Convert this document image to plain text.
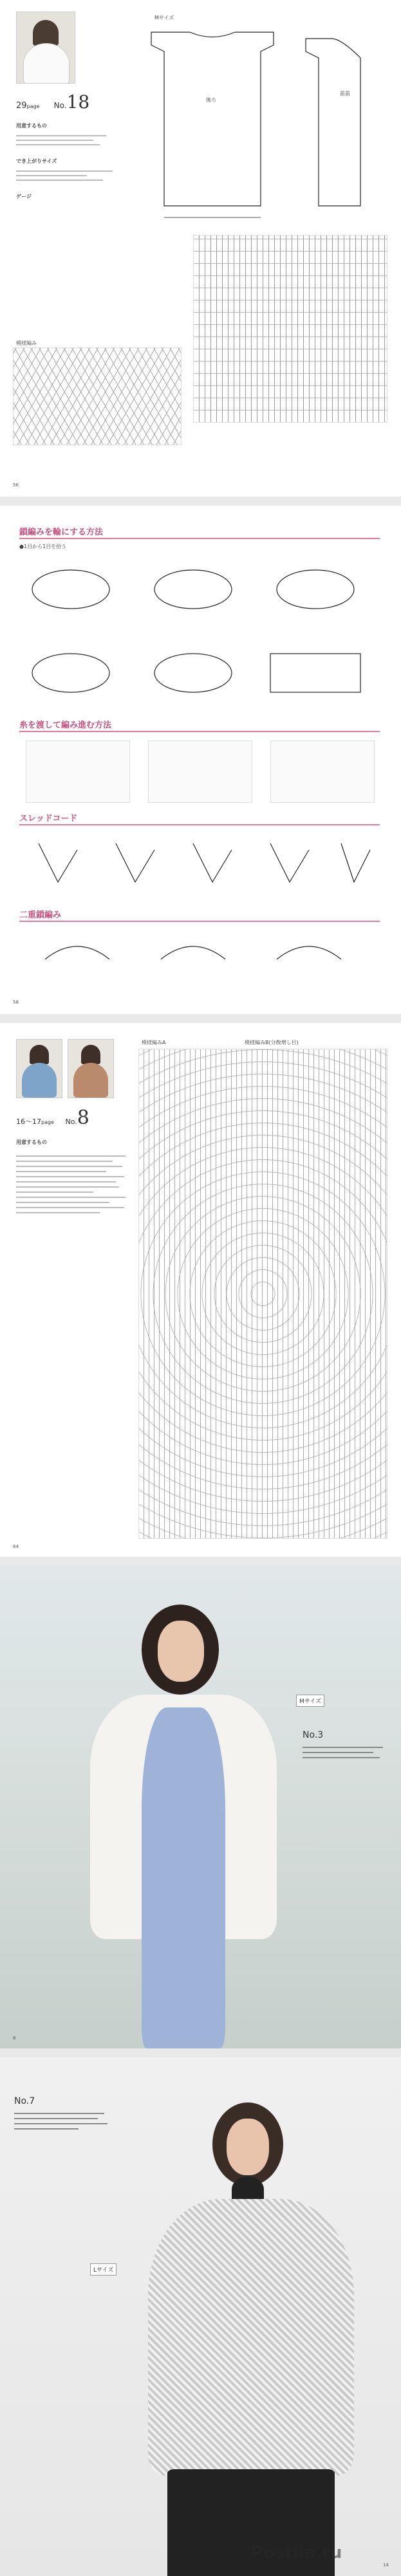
29page No.18
用意するもの
でき上がりサイズ
ゲージ
Mサイズ
後ろ
前前
模様編み
56
鎖編みを輪にする方法
●1目から1目を拾う
糸を渡して編み進む方法
スレッドコード
二重鎖編み
58
16～17page No.8
用意するもの
模様編みA	模様編みB(分散増し目)
64
Mサイズ
No.3
8
No.7
Lサイズ
14
Postila.ru
